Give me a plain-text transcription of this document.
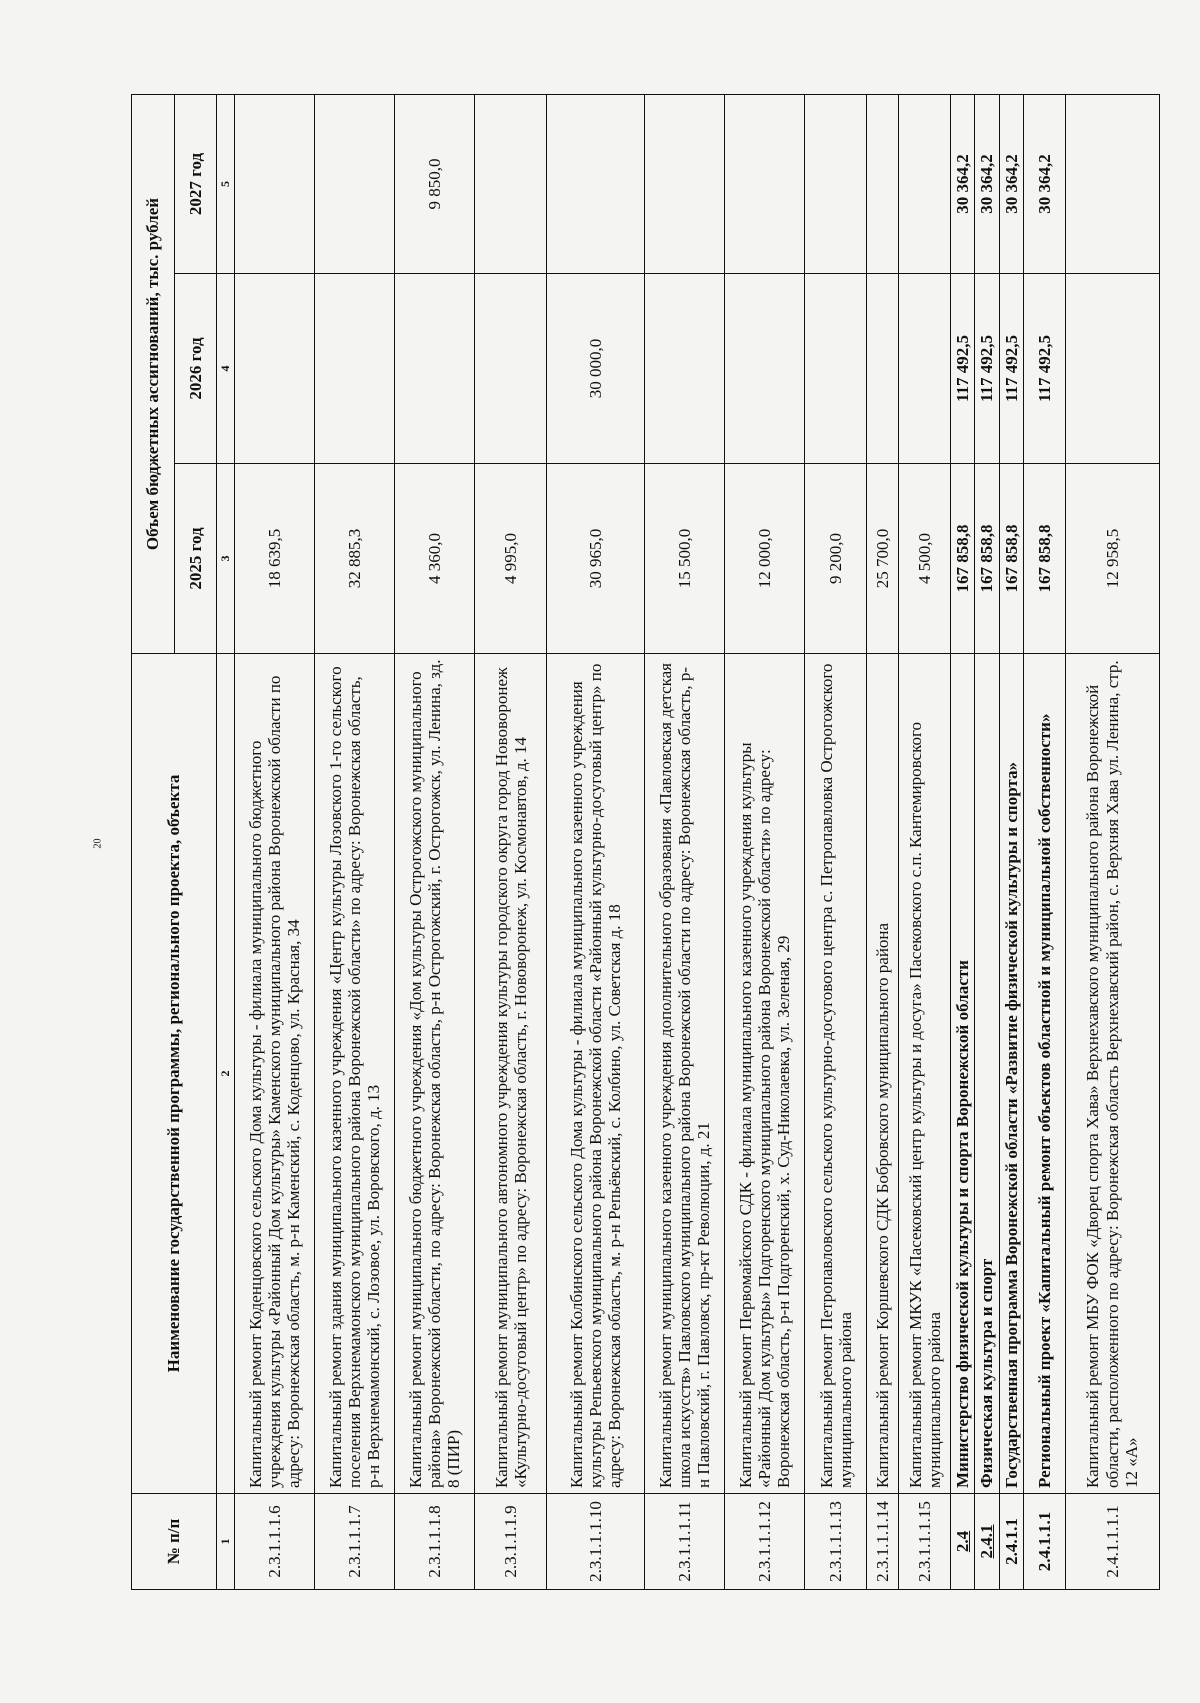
20
№ п/п	Наименование государственной программы, регионального проекта, объекта	Объем бюджетных ассигнований, тыс. рублей		
		2025 год	2026 год	2027 год
1	2	3	4	5
2.3.1.1.1.6	Капитальный ремонт Коденцовского сельского Дома культуры - филиала муниципального бюджетного учреждения культуры «Районный Дом культуры» Каменского муниципального района Воронежской области по адресу: Воронежская область, м. р-н Каменский, с. Коденцово, ул. Красная, 34	18 639,5		
2.3.1.1.1.7	Капитальный ремонт здания муниципального казенного учреждения «Центр культуры Лозовского 1-го сельского поселения Верхнемамонского муниципального района Воронежской области» по адресу: Воронежская область, р-н Верхнемамонский, с. Лозовое, ул. Воровского, д. 13	32 885,3		
2.3.1.1.1.8	Капитальный ремонт муниципального бюджетного учреждения «Дом культуры Острогожского муниципального района» Воронежской области, по адресу: Воронежская область, р-н Острогожский, г. Острогожск, ул. Ленина, зд. 8 (ПИР)	4 360,0		9 850,0
2.3.1.1.1.9	Капитальный ремонт муниципального автономного учреждения культуры городского округа город Нововоронеж «Культурно-досуговый центр» по адресу: Воронежская область, г. Нововоронеж, ул. Космонавтов, д. 14	4 995,0		
2.3.1.1.1.10	Капитальный ремонт Колбинского сельского Дома культуры - филиала муниципального казенного учреждения культуры Репьевского муниципального района Воронежской области «Районный культурно-досуговый центр» по адресу: Воронежская область, м. р-н Репьёвский, с. Колбино, ул. Советская д. 18	30 965,0	30 000,0	
2.3.1.1.1.11	Капитальный ремонт муниципального казенного учреждения дополнительного образования «Павловская детская школа искусств» Павловского муниципального района Воронежской области по адресу: Воронежская область, р-н Павловский, г. Павловск, пр-кт Революции, д. 21	15 500,0		
2.3.1.1.1.12	Капитальный ремонт Первомайского СДК - филиала муниципального казенного учреждения культуры «Районный Дом культуры» Подгоренского муниципального района Воронежской области» по адресу: Воронежская область, р-н Подгоренский, х. Суд-Николаевка, ул. Зеленая, 29	12 000,0		
2.3.1.1.1.13	Капитальный ремонт Петропавловского сельского культурно-досугового центра с. Петропавловка Острогожского муниципального района	9 200,0		
2.3.1.1.1.14	Капитальный ремонт Коршевского СДК Бобровского муниципального района	25 700,0		
2.3.1.1.1.15	Капитальный ремонт МКУК «Пасековский центр культуры и досуга» Пасековского с.п. Кантемировского муниципального района	4 500,0		
2.4	Министерство физической культуры и спорта Воронежской области	167 858,8	117 492,5	30 364,2
2.4.1	Физическая культура и спорт	167 858,8	117 492,5	30 364,2
2.4.1.1	Государственная программа Воронежской области «Развитие физической культуры и спорта»	167 858,8	117 492,5	30 364,2
2.4.1.1.1	Региональный проект «Капитальный ремонт объектов областной и муниципальной собственности»	167 858,8	117 492,5	30 364,2
2.4.1.1.1.1	Капитальный ремонт МБУ ФОК «Дворец спорта Хава» Верхнехавского муниципального района Воронежской области, расположенного по адресу: Воронежская область Верхнехавский район, с. Верхняя Хава ул. Ленина, стр. 12 «А»	12 958,5		
